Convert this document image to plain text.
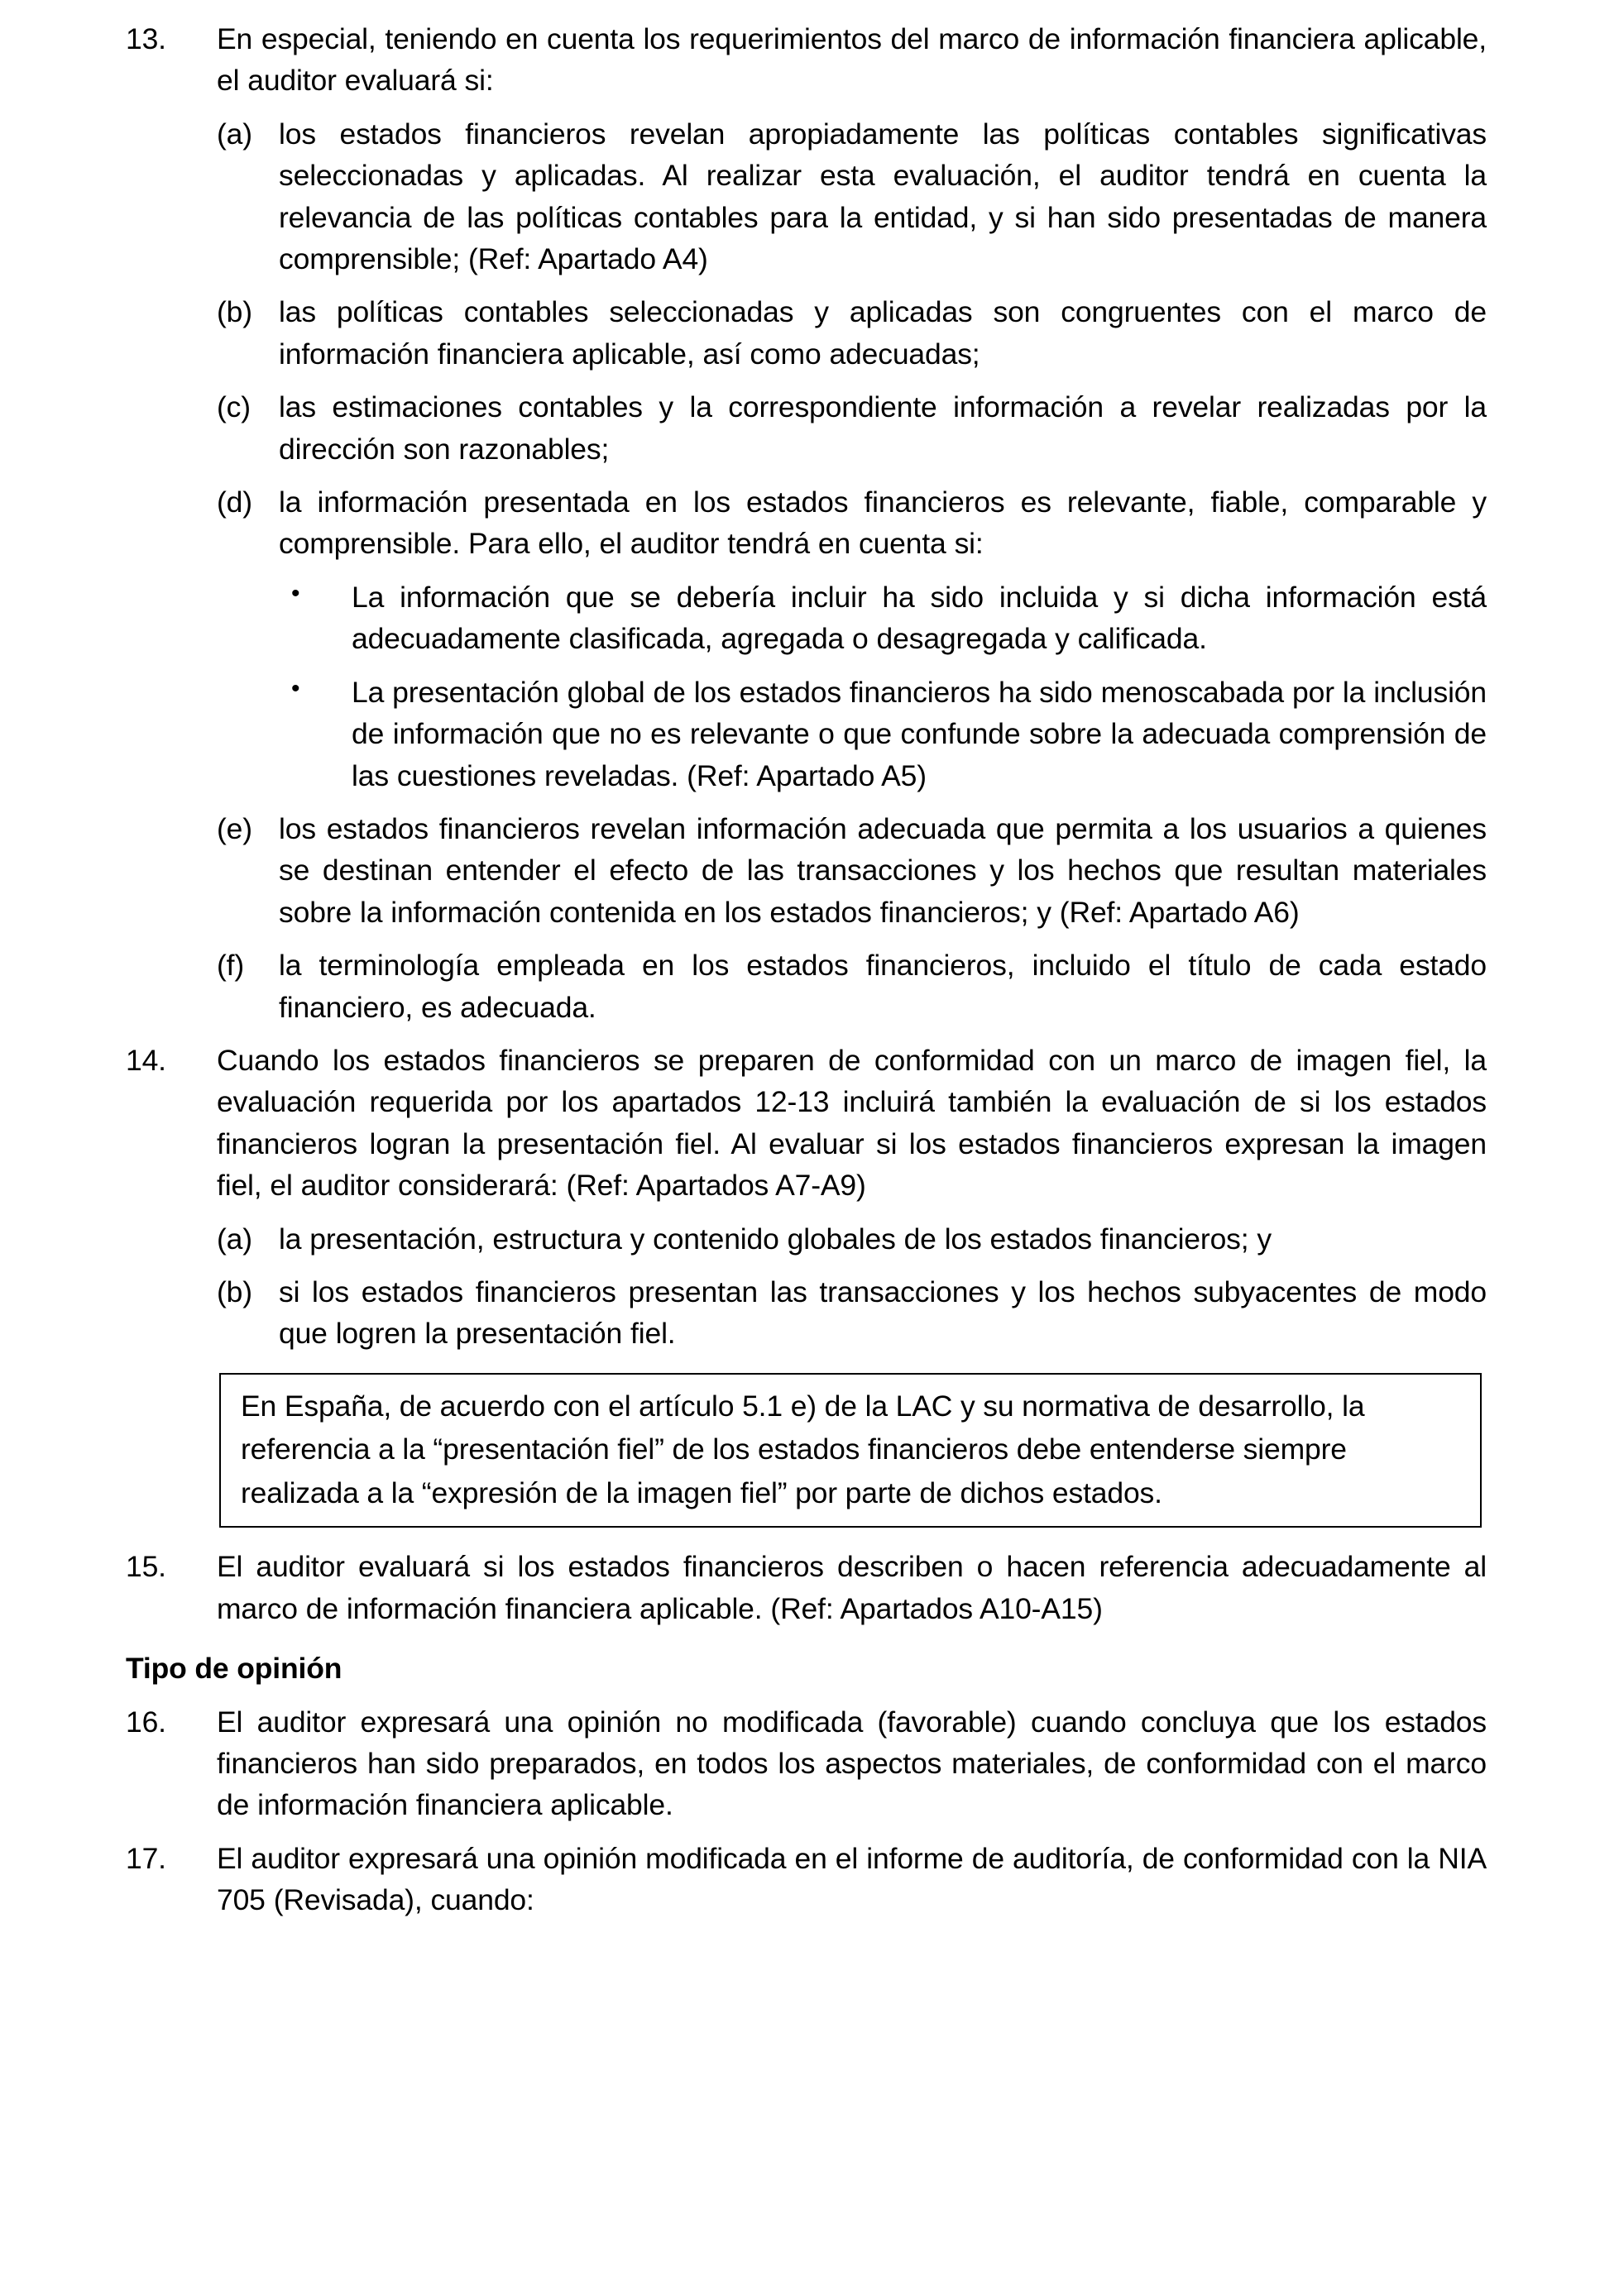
13.	En especial, teniendo en cuenta los requerimientos del marco de información financiera aplicable, el auditor evaluará si:
(a) los estados financieros revelan apropiadamente las políticas contables significativas seleccionadas y aplicadas. Al realizar esta evaluación, el auditor tendrá en cuenta la relevancia de las políticas contables para la entidad, y si han sido presentadas de manera comprensible; (Ref: Apartado A4)
(b) las políticas contables seleccionadas y aplicadas son congruentes con el marco de información financiera aplicable, así como adecuadas;
(c) las estimaciones contables y la correspondiente información a revelar realizadas por la dirección son razonables;
(d) la información presentada en los estados financieros es relevante, fiable, comparable y comprensible. Para ello, el auditor tendrá en cuenta si:
•	La información que se debería incluir ha sido incluida y si dicha información está adecuadamente clasificada, agregada o desagregada y calificada.
•	La presentación global de los estados financieros ha sido menoscabada por la inclusión de información que no es relevante o que confunde sobre la adecuada comprensión de las cuestiones reveladas. (Ref: Apartado A5)
(e) los estados financieros revelan información adecuada que permita a los usuarios a quienes se destinan entender el efecto de las transacciones y los hechos que resultan materiales sobre la información contenida en los estados financieros; y (Ref: Apartado A6)
(f)	la terminología empleada en los estados financieros, incluido el título de cada estado financiero, es adecuada.
14.	Cuando los estados financieros se preparen de conformidad con un marco de imagen fiel, la evaluación requerida por los apartados 12-13 incluirá también la evaluación de si los estados financieros logran la presentación fiel. Al evaluar si los estados financieros expresan la imagen fiel, el auditor considerará: (Ref: Apartados A7-A9)
(a) la presentación, estructura y contenido globales de los estados financieros; y
(b) si los estados financieros presentan las transacciones y los hechos subyacentes de modo que logren la presentación fiel.
En España, de acuerdo con el artículo 5.1 e) de la LAC y su normativa de desarrollo, la referencia a la “presentación fiel” de los estados financieros debe entenderse siempre realizada a la “expresión de la imagen fiel” por parte de dichos estados.
15.	El auditor evaluará si los estados financieros describen o hacen referencia adecuadamente al marco de información financiera aplicable. (Ref: Apartados A10-A15)
Tipo de opinión
16.	El auditor expresará una opinión no modificada (favorable) cuando concluya que los estados financieros han sido preparados, en todos los aspectos materiales, de conformidad con el marco de información financiera aplicable.
17.	El auditor expresará una opinión modificada en el informe de auditoría, de conformidad con la NIA 705 (Revisada), cuando:
